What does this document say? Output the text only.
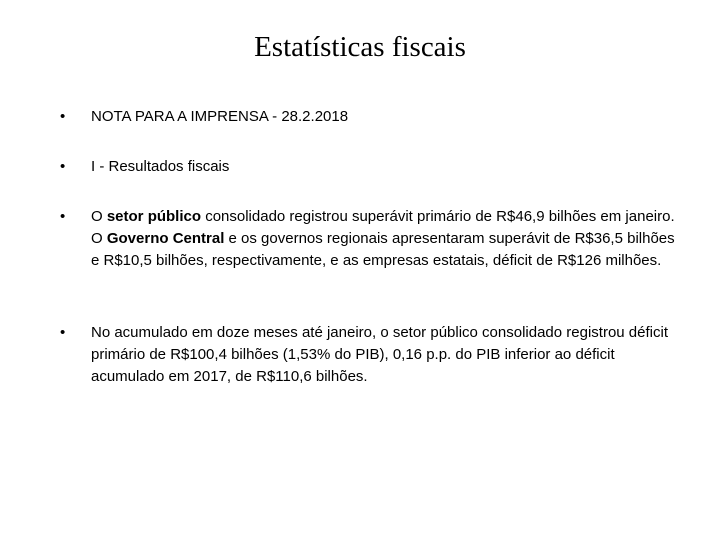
Estatísticas fiscais
•	NOTA PARA A IMPRENSA - 28.2.2018
•	I - Resultados fiscais
•	O setor público consolidado registrou superávit primário de R$46,9 bilhões em janeiro. O Governo Central e os governos regionais apresentaram superávit de R$36,5 bilhões e R$10,5 bilhões, respectivamente, e as empresas estatais, déficit de R$126 milhões.
•	No acumulado em doze meses até janeiro, o setor público consolidado registrou déficit primário de R$100,4 bilhões (1,53% do PIB), 0,16 p.p. do PIB inferior ao déficit acumulado em 2017, de R$110,6 bilhões.
